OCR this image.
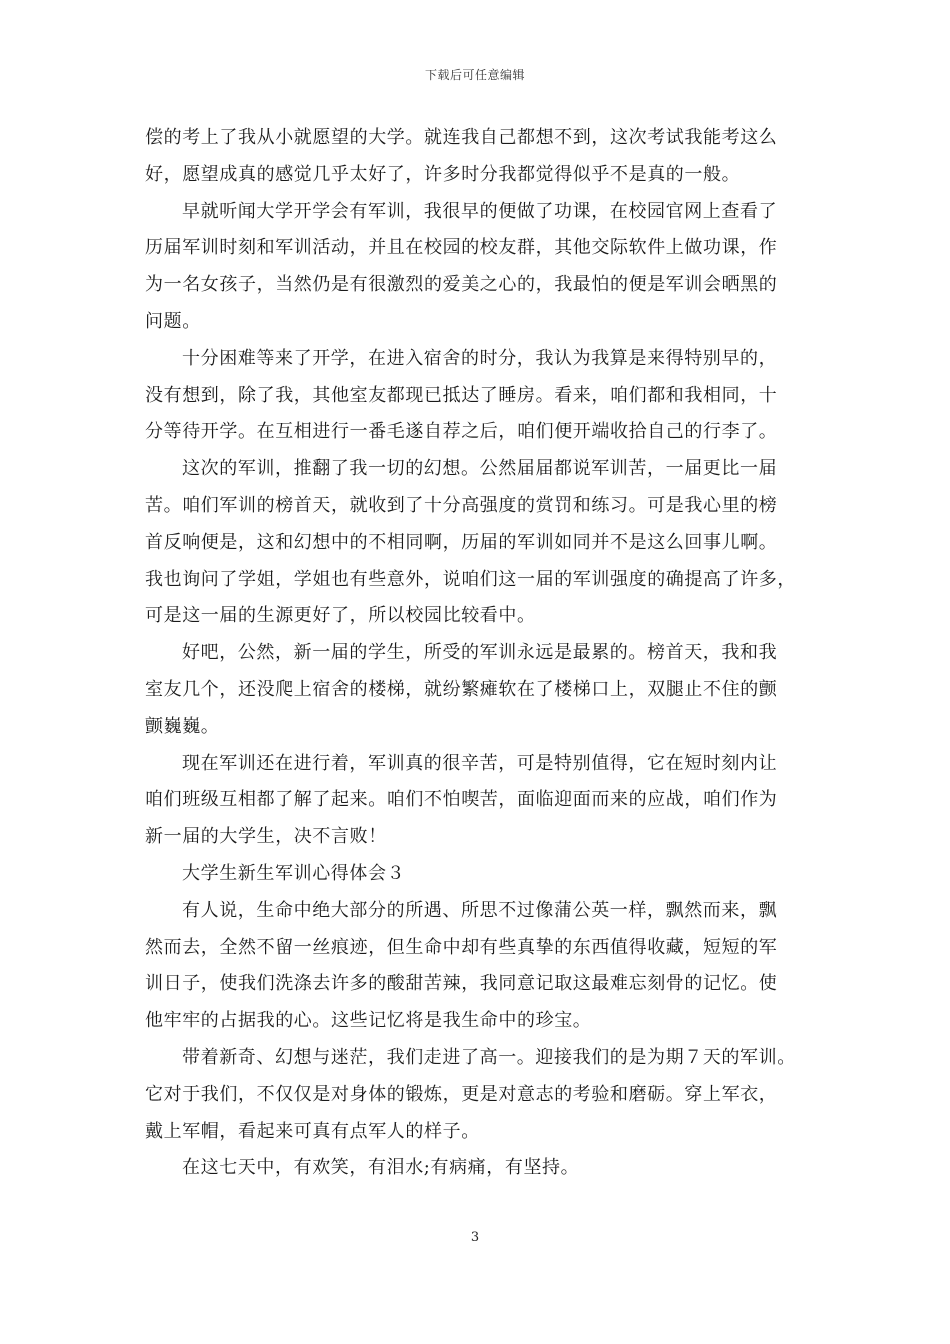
下载后可任意编辑
偿的考上了我从小就愿望的大学。就连我自己都想不到，这次考试我能考这么
好，愿望成真的感觉几乎太好了，许多时分我都觉得似乎不是真的一般。
早就听闻大学开学会有军训，我很早的便做了功课，在校园官网上查看了
历届军训时刻和军训活动，并且在校园的校友群，其他交际软件上做功课，作
为一名女孩子，当然仍是有很激烈的爱美之心的，我最怕的便是军训会晒黑的
问题。
十分困难等来了开学，在进入宿舍的时分，我认为我算是来得特别早的，
没有想到，除了我，其他室友都现已抵达了睡房。看来，咱们都和我相同，十
分等待开学。在互相进行一番毛遂自荐之后，咱们便开端收拾自己的行李了。
这次的军训，推翻了我一切的幻想。公然届届都说军训苦，一届更比一届
苦。咱们军训的榜首天，就收到了十分高强度的赏罚和练习。可是我心里的榜
首反响便是，这和幻想中的不相同啊，历届的军训如同并不是这么回事儿啊。
我也询问了学姐，学姐也有些意外，说咱们这一届的军训强度的确提高了许多，
可是这一届的生源更好了，所以校园比较看中。
好吧，公然，新一届的学生，所受的军训永远是最累的。榜首天，我和我
室友几个，还没爬上宿舍的楼梯，就纷繁瘫软在了楼梯口上，双腿止不住的颤
颤巍巍。
现在军训还在进行着，军训真的很辛苦，可是特别值得，它在短时刻内让
咱们班级互相都了解了起来。咱们不怕喫苦，面临迎面而来的应战，咱们作为
新一届的大学生，决不言败！
大学生新生军训心得体会３
有人说，生命中绝大部分的所遇、所思不过像蒲公英一样，飘然而来，飘
然而去，全然不留一丝痕迹，但生命中却有些真挚的东西值得收藏，短短的军
训日子，使我们洗涤去许多的酸甜苦辣，我同意记取这最难忘刻骨的记忆。使
他牢牢的占据我的心。这些记忆将是我生命中的珍宝。
带着新奇、幻想与迷茫，我们走进了高一。迎接我们的是为期７天的军训。
它对于我们，不仅仅是对身体的锻炼，更是对意志的考验和磨砺。穿上军衣，
戴上军帽，看起来可真有点军人的样子。
在这七天中，有欢笑，有泪水;有病痛，有坚持。
3
